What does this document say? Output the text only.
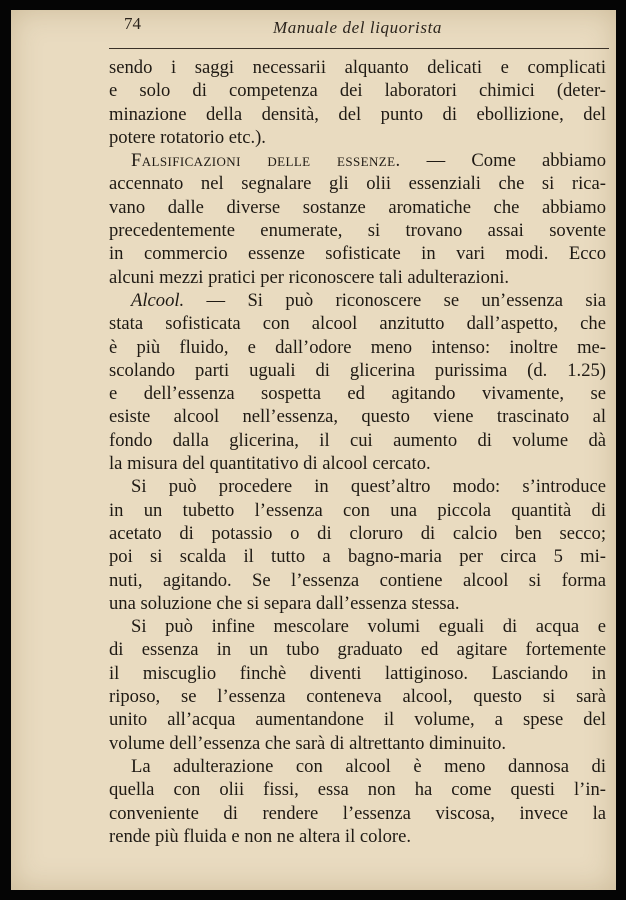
74	Manuale del liquorista
sendo i saggi necessarii alquanto delicati e complicati
e solo di competenza dei laboratori chimici (deter-
minazione della densità, del punto di ebollizione, del
potere rotatorio etc.).
Falsificazioni delle essenze. — Come abbiamo
accennato nel segnalare gli olii essenziali che si rica-
vano dalle diverse sostanze aromatiche che abbiamo
precedentemente enumerate, si trovano assai sovente
in commercio essenze sofisticate in vari modi. Ecco
alcuni mezzi pratici per riconoscere tali adulterazioni.
Alcool. — Si può riconoscere se un’essenza sia
stata sofisticata con alcool anzitutto dall’aspetto, che
è più fluido, e dall’odore meno intenso: inoltre me-
scolando parti uguali di glicerina purissima (d. 1.25)
e dell’essenza sospetta ed agitando vivamente, se
esiste alcool nell’essenza, questo viene trascinato al
fondo dalla glicerina, il cui aumento di volume dà
la misura del quantitativo di alcool cercato.
Si può procedere in quest’altro modo: s’introduce
in un tubetto l’essenza con una piccola quantità di
acetato di potassio o di cloruro di calcio ben secco;
poi si scalda il tutto a bagno-maria per circa 5 mi-
nuti, agitando. Se l’essenza contiene alcool si forma
una soluzione che si separa dall’essenza stessa.
Si può infine mescolare volumi eguali di acqua e
di essenza in un tubo graduato ed agitare fortemente
il miscuglio finchè diventi lattiginoso. Lasciando in
riposo, se l’essenza conteneva alcool, questo si sarà
unito all’acqua aumentandone il volume, a spese del
volume dell’essenza che sarà di altrettanto diminuito.
La adulterazione con alcool è meno dannosa di
quella con olii fissi, essa non ha come questi l’in-
conveniente di rendere l’essenza viscosa, invece la
rende più fluida e non ne altera il colore.
